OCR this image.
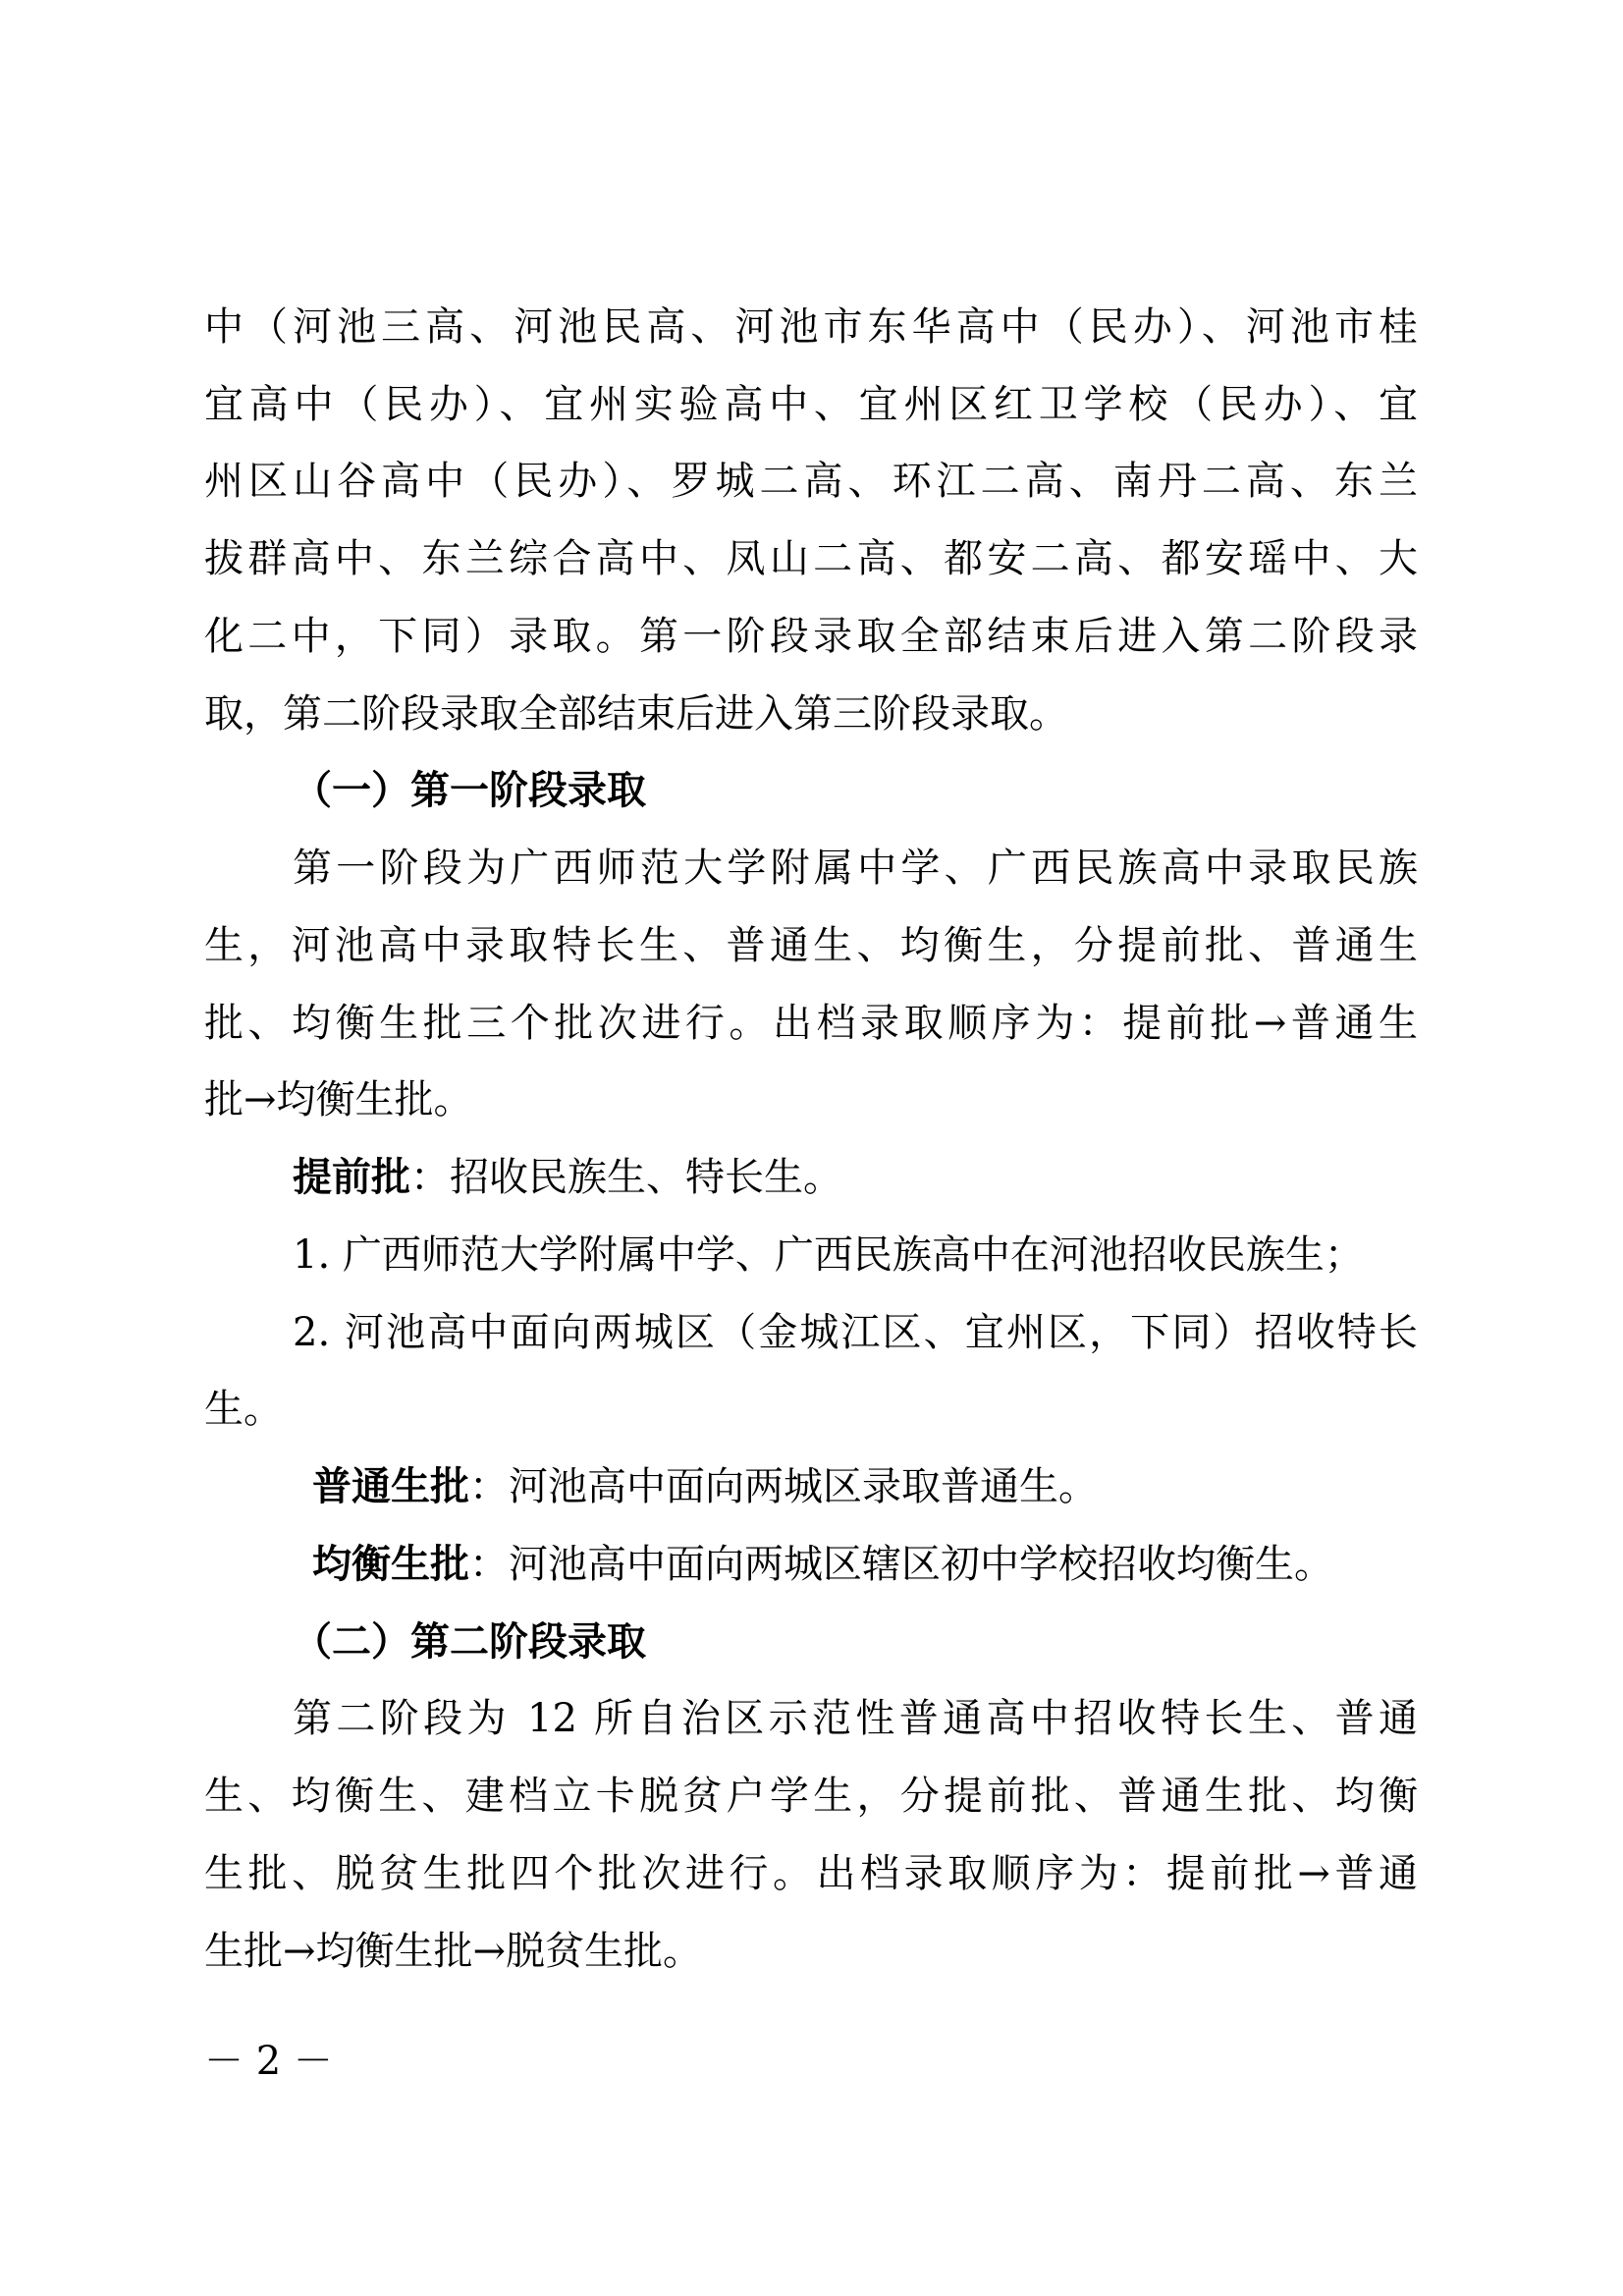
中（河池三高、河池民高、河池市东华高中（民办）、河池市桂

宜高中（民办）、宜州实验高中、宜州区红卫学校（民办）、宜

州区山谷高中（民办）、罗城二高、环江二高、南丹二高、东兰

拔群高中、东兰综合高中、凤山二高、都安二高、都安瑶中、大

化二中，下同）录取。第一阶段录取全部结束后进入第二阶段录

取，第二阶段录取全部结束后进入第三阶段录取。

（一）第一阶段录取

第一阶段为广西师范大学附属中学、广西民族高中录取民族

生，河池高中录取特长生、普通生、均衡生，分提前批、普通生

批、均衡生批三个批次进行。出档录取顺序为：提前批→普通生

批→均衡生批。

提前批：招收民族生、特长生。

1. 广西师范大学附属中学、广西民族高中在河池招收民族生；

2. 河池高中面向两城区（金城江区、宜州区，下同）招收特长

生。

普通生批：河池高中面向两城区录取普通生。

均衡生批：河池高中面向两城区辖区初中学校招收均衡生。

（二）第二阶段录取

第二阶段为 12 所自治区示范性普通高中招收特长生、普通

生、均衡生、建档立卡脱贫户学生，分提前批、普通生批、均衡

生批、脱贫生批四个批次进行。出档录取顺序为：提前批→普通

生批→均衡生批→脱贫生批。

－ 2 －
